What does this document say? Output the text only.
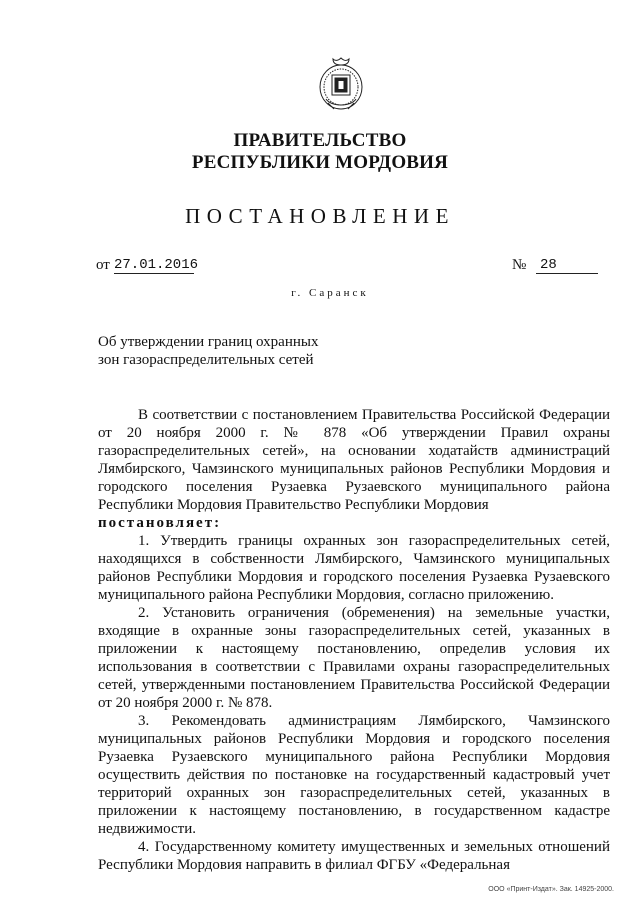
ПРАВИТЕЛЬСТВО
РЕСПУБЛИКИ МОРДОВИЯ
ПОСТАНОВЛЕНИЕ
от 27.01.2016	№ 28
г. Саранск
Об утверждении границ охранных
зон газораспределительных сетей

В соответствии с постановлением Правительства Российской Федерации от 20 ноября 2000 г. № 878 «Об утверждении Правил охраны газораспределительных сетей», на основании ходатайств администраций Лямбирского, Чамзинского муниципальных районов Республики Мордовия и городского поселения Рузаевка Рузаевского муниципального района Республики Мордовия Правительство Республики Мордовия

постановляет:

1. Утвердить границы охранных зон газораспределительных сетей, находящихся в собственности Лямбирского, Чамзинского муниципальных районов Республики Мордовия и городского поселения Рузаевка Рузаевского муниципального района Республики Мордовия, согласно приложению.

2. Установить ограничения (обременения) на земельные участки, входящие в охранные зоны газораспределительных сетей, указанных в приложении к настоящему постановлению, определив условия их использования в соответствии с Правилами охраны газораспределительных сетей, утвержденными постановлением Правительства Российской Федерации от 20 ноября 2000 г. № 878.

3. Рекомендовать администрациям Лямбирского, Чамзинского муниципальных районов Республики Мордовия и городского поселения Рузаевка Рузаевского муниципального района Республики Мордовия осуществить действия по постановке на государственный кадастровый учет территорий охранных зон газораспределительных сетей, указанных в приложении к настоящему постановлению, в государственном кадастре недвижимости.

4. Государственному комитету имущественных и земельных отношений Республики Мордовия направить в филиал ФГБУ «Федеральная

ООО «Принт-Издат». Зак. 14925-2000.
